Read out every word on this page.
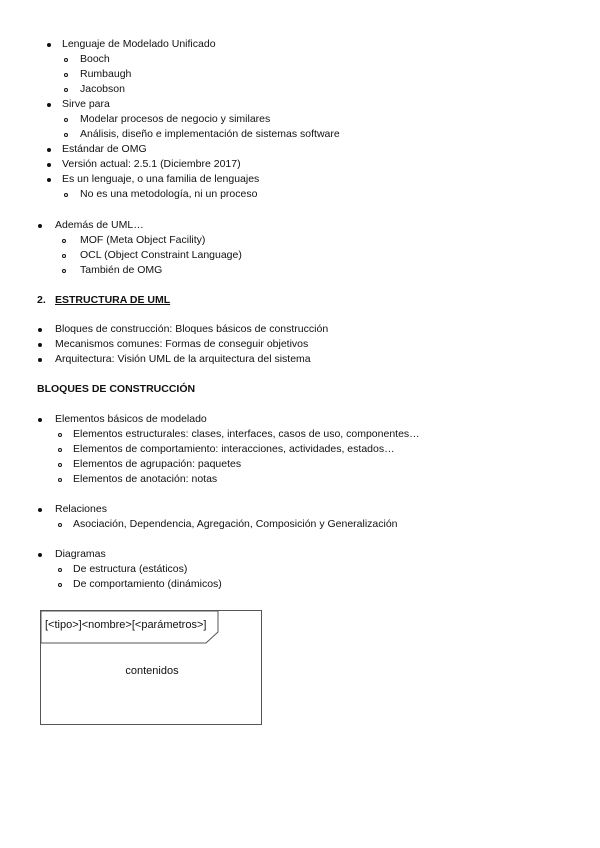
Lenguaje de Modelado Unificado
Booch
Rumbaugh
Jacobson
Sirve para
Modelar procesos de negocio y similares
Análisis, diseño e implementación de sistemas software
Estándar de OMG
Versión actual: 2.5.1 (Diciembre 2017)
Es un lenguaje, o una familia de lenguajes
No es una metodología, ni un proceso
Además de UML…
MOF (Meta Object Facility)
OCL (Object Constraint Language)
También de OMG
2. ESTRUCTURA DE UML
Bloques de construcción: Bloques básicos de construcción
Mecanismos comunes: Formas de conseguir objetivos
Arquitectura: Visión UML de la arquitectura del sistema
BLOQUES DE CONSTRUCCIÓN
Elementos básicos de modelado
Elementos estructurales: clases, interfaces, casos de uso, componentes…
Elementos de comportamiento: interacciones, actividades, estados…
Elementos de agrupación: paquetes
Elementos de anotación: notas
Relaciones
Asociación, Dependencia, Agregación, Composición y Generalización
Diagramas
De estructura (estáticos)
De comportamiento (dinámicos)
[<tipo>]<nombre>[<parámetros>]
contenidos
